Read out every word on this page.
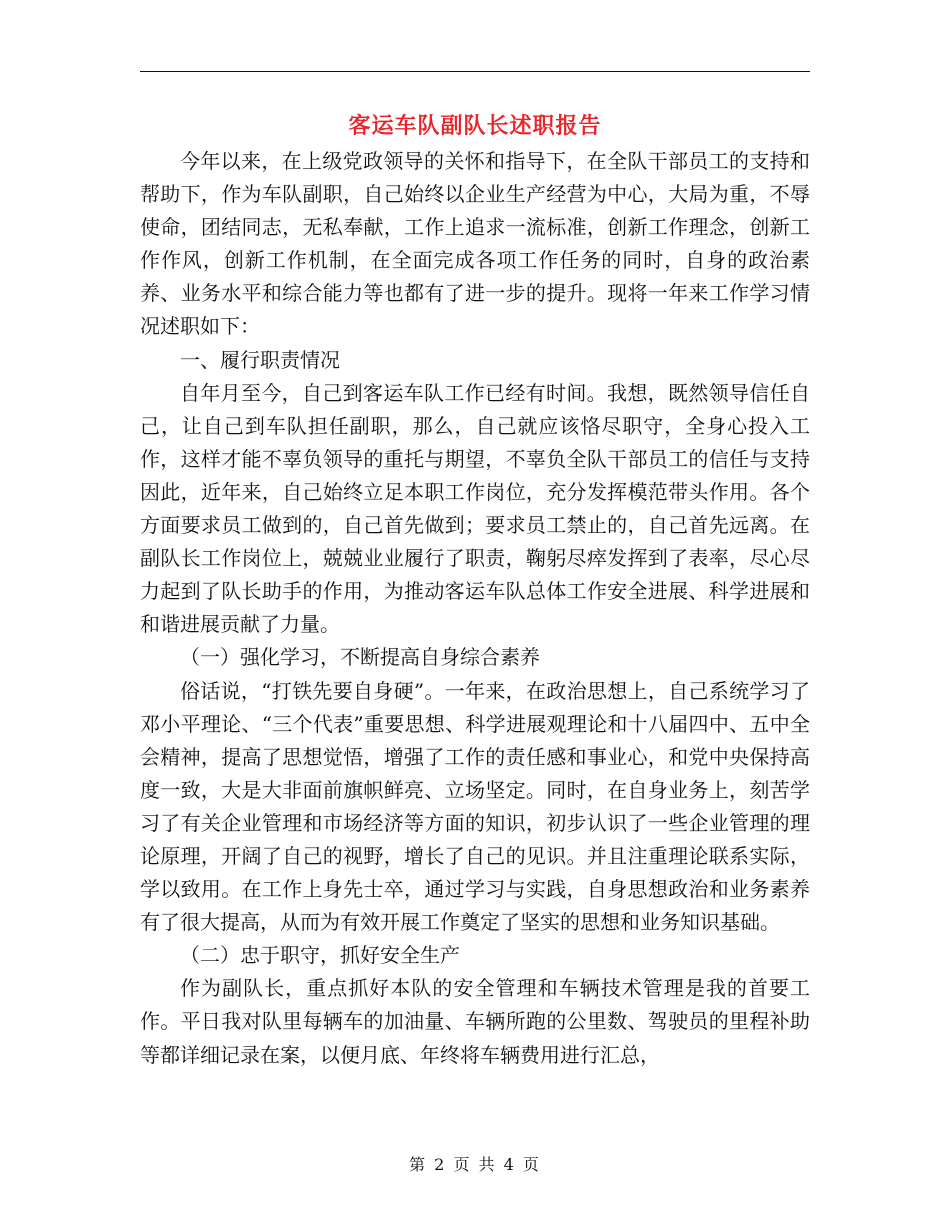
客运车队副队长述职报告

今年以来，在上级党政领导的关怀和指导下，在全队干部员工的支持和帮助下，作为车队副职，自己始终以企业生产经营为中心，大局为重，不辱使命，团结同志，无私奉献，工作上追求一流标准，创新工作理念，创新工作作风，创新工作机制，在全面完成各项工作任务的同时，自身的政治素养、业务水平和综合能力等也都有了进一步的提升。现将一年来工作学习情况述职如下：

一、履行职责情况

自年月至今，自己到客运车队工作已经有时间。我想，既然领导信任自己，让自己到车队担任副职，那么，自己就应该恪尽职守，全身心投入工作，这样才能不辜负领导的重托与期望，不辜负全队干部员工的信任与支持因此，近年来，自己始终立足本职工作岗位，充分发挥模范带头作用。各个方面要求员工做到的，自己首先做到；要求员工禁止的，自己首先远离。在副队长工作岗位上，兢兢业业履行了职责，鞠躬尽瘁发挥到了表率，尽心尽力起到了队长助手的作用，为推动客运车队总体工作安全进展、科学进展和和谐进展贡献了力量。

（一）强化学习，不断提高自身综合素养

俗话说，“打铁先要自身硬”。一年来，在政治思想上，自己系统学习了邓小平理论、“三个代表”重要思想、科学进展观理论和十八届四中、五中全会精神，提高了思想觉悟，增强了工作的责任感和事业心，和党中央保持高度一致，大是大非面前旗帜鲜亮、立场坚定。同时，在自身业务上，刻苦学习了有关企业管理和市场经济等方面的知识，初步认识了一些企业管理的理论原理，开阔了自己的视野，增长了自己的见识。并且注重理论联系实际，学以致用。在工作上身先士卒，通过学习与实践，自身思想政治和业务素养有了很大提高，从而为有效开展工作奠定了坚实的思想和业务知识基础。

（二）忠于职守，抓好安全生产

作为副队长，重点抓好本队的安全管理和车辆技术管理是我的首要工作。平日我对队里每辆车的加油量、车辆所跑的公里数、驾驶员的里程补助等都详细记录在案，以便月底、年终将车辆费用进行汇总，

第 2 页 共 4 页
